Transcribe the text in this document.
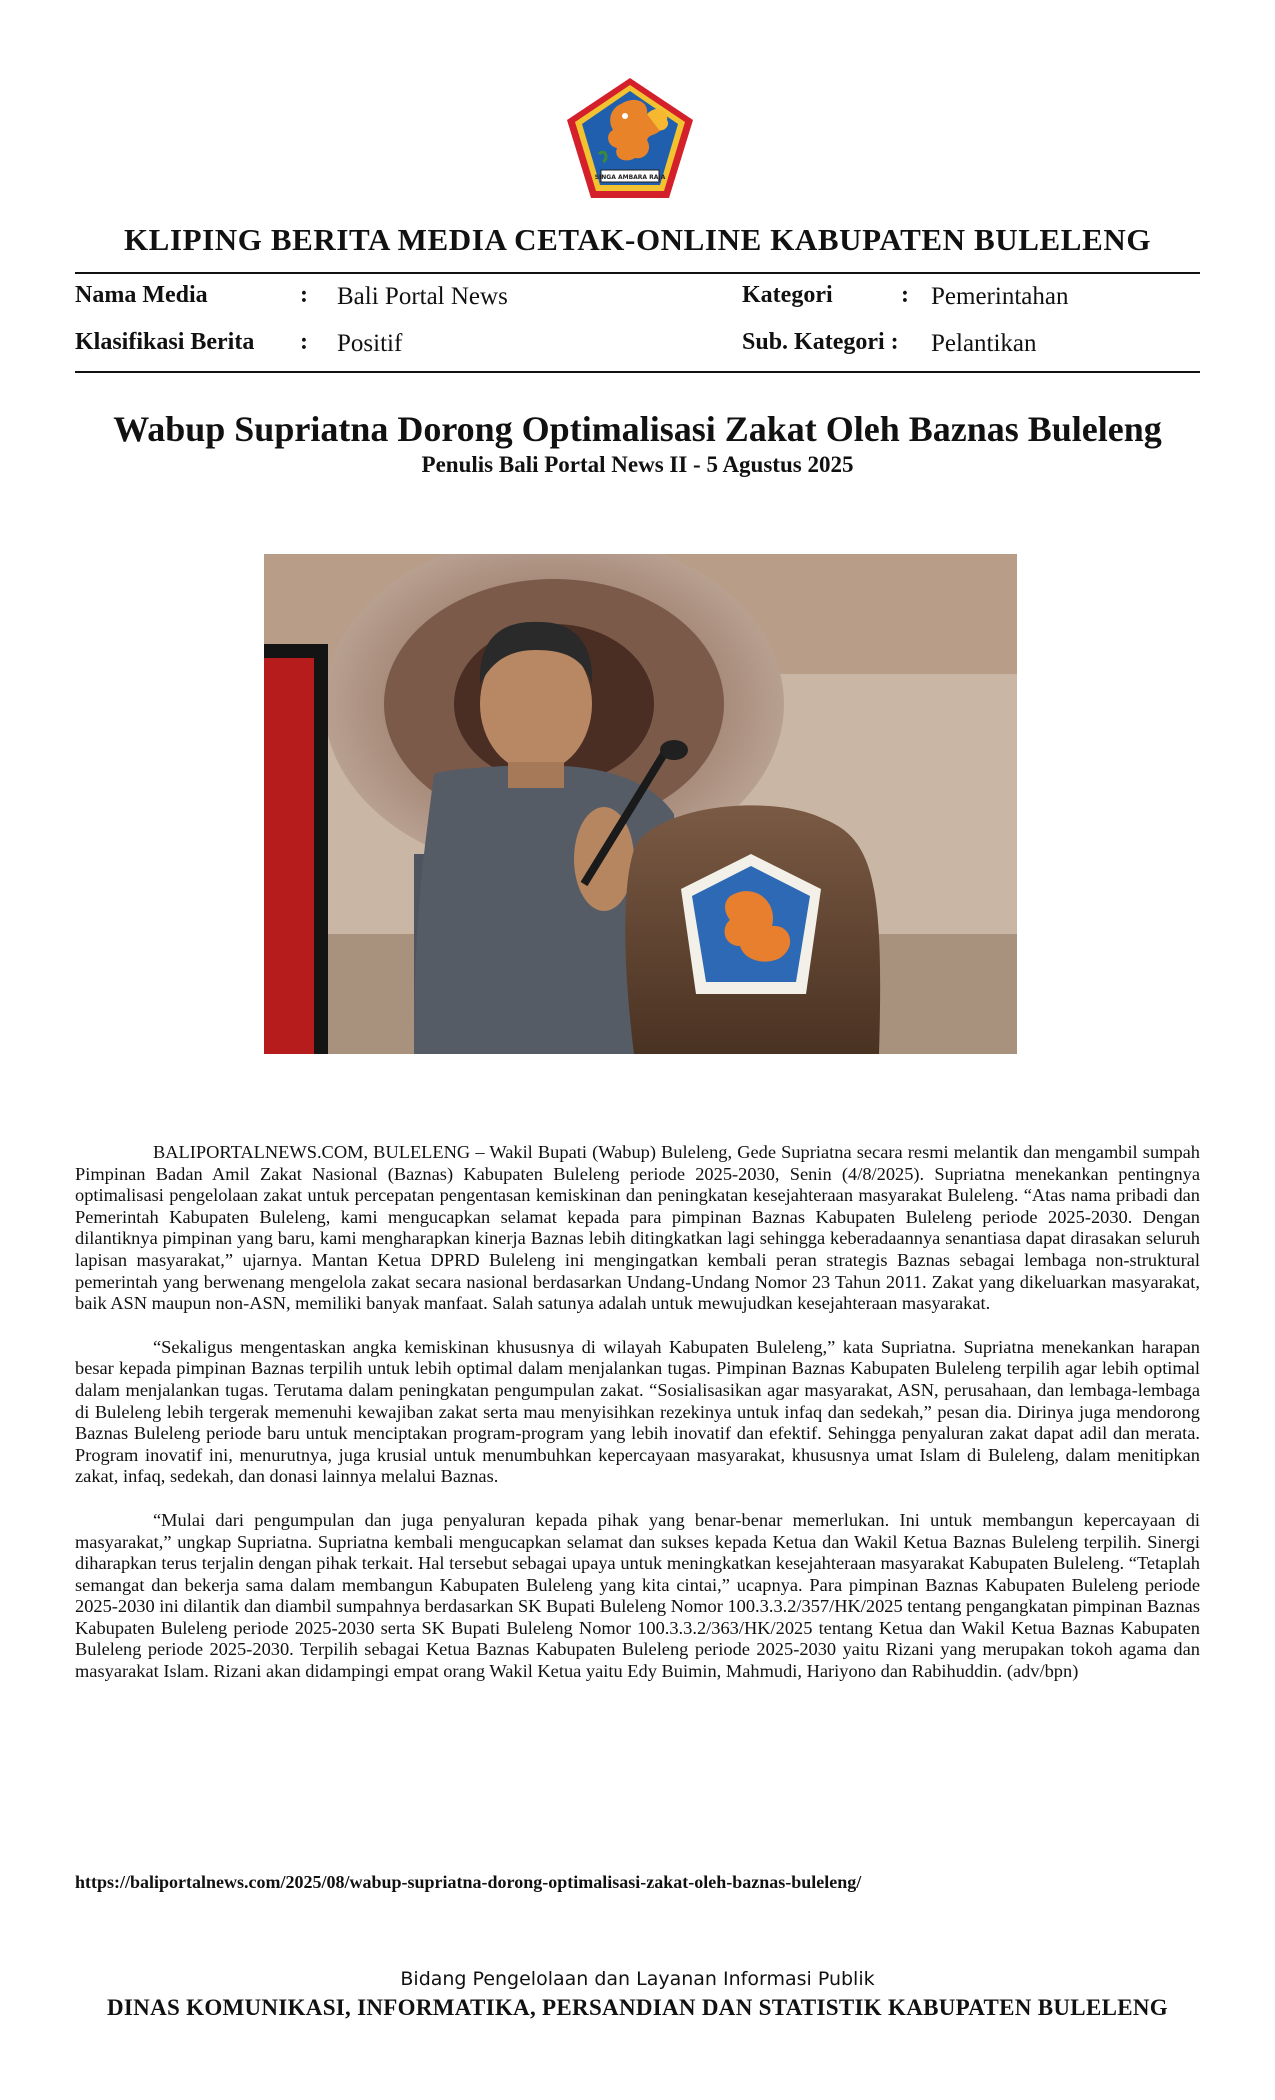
SINGA AMBARA RAJA
KLIPING BERITA MEDIA CETAK-ONLINE KABUPATEN BULELENG
Nama Media	: Bali Portal News	Kategori	: Pemerintahan
Klasifikasi Berita : Positif	Sub. Kategori : Pelantikan
Wabup Supriatna Dorong Optimalisasi Zakat Oleh Baznas Buleleng
Penulis Bali Portal News II - 5 Agustus 2025

BALIPORTALNEWS.COM, BULELENG – Wakil Bupati (Wabup) Buleleng, Gede Supriatna secara resmi melantik dan mengambil sumpah Pimpinan Badan Amil Zakat Nasional (Baznas) Kabupaten Buleleng periode 2025-2030, Senin (4/8/2025). Supriatna menekankan pentingnya optimalisasi pengelolaan zakat untuk percepatan pengentasan kemiskinan dan peningkatan kesejahteraan masyarakat Buleleng. “Atas nama pribadi dan Pemerintah Kabupaten Buleleng, kami mengucapkan selamat kepada para pimpinan Baznas Kabupaten Buleleng periode 2025-2030. Dengan dilantiknya pimpinan yang baru, kami mengharapkan kinerja Baznas lebih ditingkatkan lagi sehingga keberadaannya senantiasa dapat dirasakan seluruh lapisan masyarakat,” ujarnya. Mantan Ketua DPRD Buleleng ini mengingatkan kembali peran strategis Baznas sebagai lembaga non-struktural pemerintah yang berwenang mengelola zakat secara nasional berdasarkan Undang-Undang Nomor 23 Tahun 2011. Zakat yang dikeluarkan masyarakat, baik ASN maupun non-ASN, memiliki banyak manfaat. Salah satunya adalah untuk mewujudkan kesejahteraan masyarakat.

“Sekaligus mengentaskan angka kemiskinan khususnya di wilayah Kabupaten Buleleng,” kata Supriatna. Supriatna menekankan harapan besar kepada pimpinan Baznas terpilih untuk lebih optimal dalam menjalankan tugas. Pimpinan Baznas Kabupaten Buleleng terpilih agar lebih optimal dalam menjalankan tugas. Terutama dalam peningkatan pengumpulan zakat. “Sosialisasikan agar masyarakat, ASN, perusahaan, dan lembaga-lembaga di Buleleng lebih tergerak memenuhi kewajiban zakat serta mau menyisihkan rezekinya untuk infaq dan sedekah,” pesan dia. Dirinya juga mendorong Baznas Buleleng periode baru untuk menciptakan program-program yang lebih inovatif dan efektif. Sehingga penyaluran zakat dapat adil dan merata. Program inovatif ini, menurutnya, juga krusial untuk menumbuhkan kepercayaan masyarakat, khususnya umat Islam di Buleleng, dalam menitipkan zakat, infaq, sedekah, dan donasi lainnya melalui Baznas.

“Mulai dari pengumpulan dan juga penyaluran kepada pihak yang benar-benar memerlukan. Ini untuk membangun kepercayaan di masyarakat,” ungkap Supriatna. Supriatna kembali mengucapkan selamat dan sukses kepada Ketua dan Wakil Ketua Baznas Buleleng terpilih. Sinergi diharapkan terus terjalin dengan pihak terkait. Hal tersebut sebagai upaya untuk meningkatkan kesejahteraan masyarakat Kabupaten Buleleng. “Tetaplah semangat dan bekerja sama dalam membangun Kabupaten Buleleng yang kita cintai,” ucapnya. Para pimpinan Baznas Kabupaten Buleleng periode 2025-2030 ini dilantik dan diambil sumpahnya berdasarkan SK Bupati Buleleng Nomor 100.3.3.2/357/HK/2025 tentang pengangkatan pimpinan Baznas Kabupaten Buleleng periode 2025-2030 serta SK Bupati Buleleng Nomor 100.3.3.2/363/HK/2025 tentang Ketua dan Wakil Ketua Baznas Kabupaten Buleleng periode 2025-2030. Terpilih sebagai Ketua Baznas Kabupaten Buleleng periode 2025-2030 yaitu Rizani yang merupakan tokoh agama dan masyarakat Islam. Rizani akan didampingi empat orang Wakil Ketua yaitu Edy Buimin, Mahmudi, Hariyono dan Rabihuddin. (adv/bpn)

https://baliportalnews.com/2025/08/wabup-supriatna-dorong-optimalisasi-zakat-oleh-baznas-buleleng/
Bidang Pengelolaan dan Layanan Informasi Publik
DINAS KOMUNIKASI, INFORMATIKA, PERSANDIAN DAN STATISTIK KABUPATEN BULELENG
